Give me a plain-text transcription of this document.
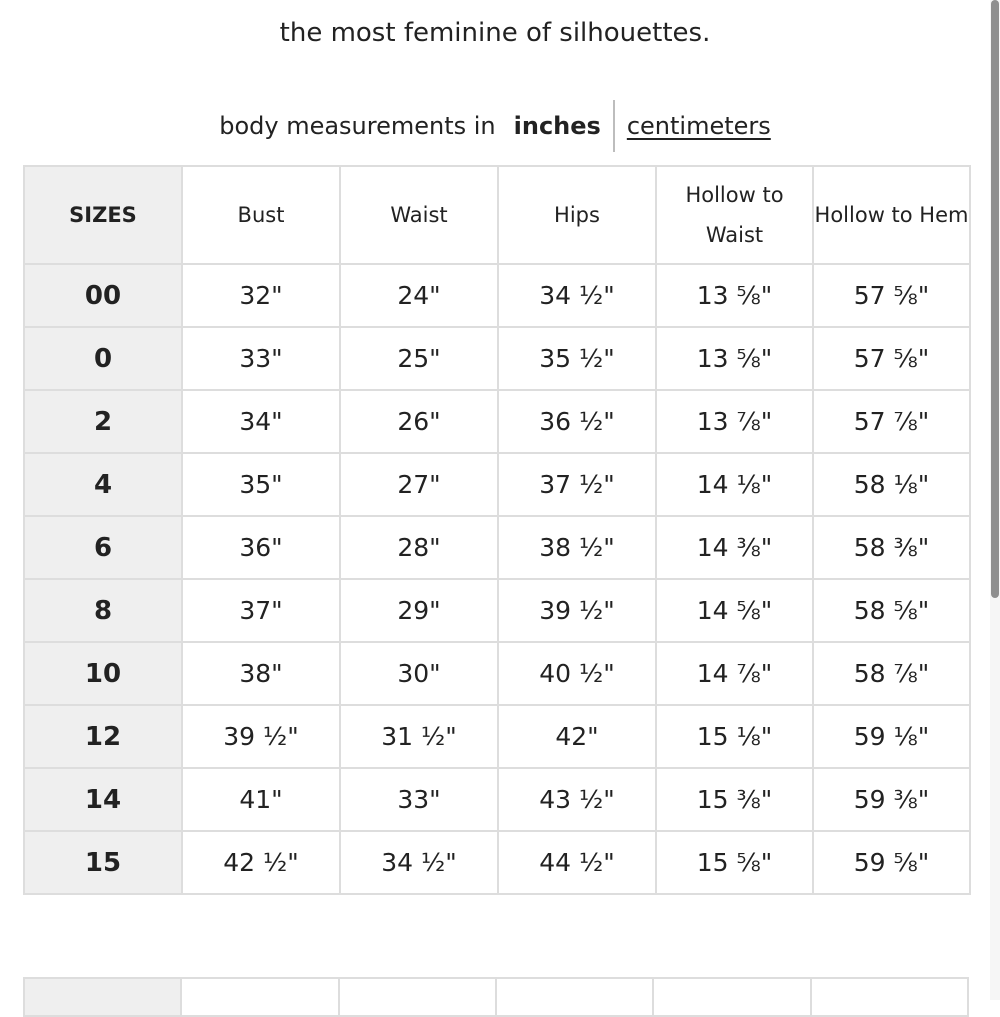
the most feminine of silhouettes.
body measurements in inches centimeters
SIZES	Bust	Waist	Hips	Hollow to Waist	Hollow to Hem
00	32"	24"	34 ½"	13 ⅝"	57 ⅝"
0	33"	25"	35 ½"	13 ⅝"	57 ⅝"
2	34"	26"	36 ½"	13 ⅞"	57 ⅞"
4	35"	27"	37 ½"	14 ⅛"	58 ⅛"
6	36"	28"	38 ½"	14 ⅜"	58 ⅜"
8	37"	29"	39 ½"	14 ⅝"	58 ⅝"
10	38"	30"	40 ½"	14 ⅞"	58 ⅞"
12	39 ½"	31 ½"	42"	15 ⅛"	59 ⅛"
14	41"	33"	43 ½"	15 ⅜"	59 ⅜"
15	42 ½"	34 ½"	44 ½"	15 ⅝"	59 ⅝"
